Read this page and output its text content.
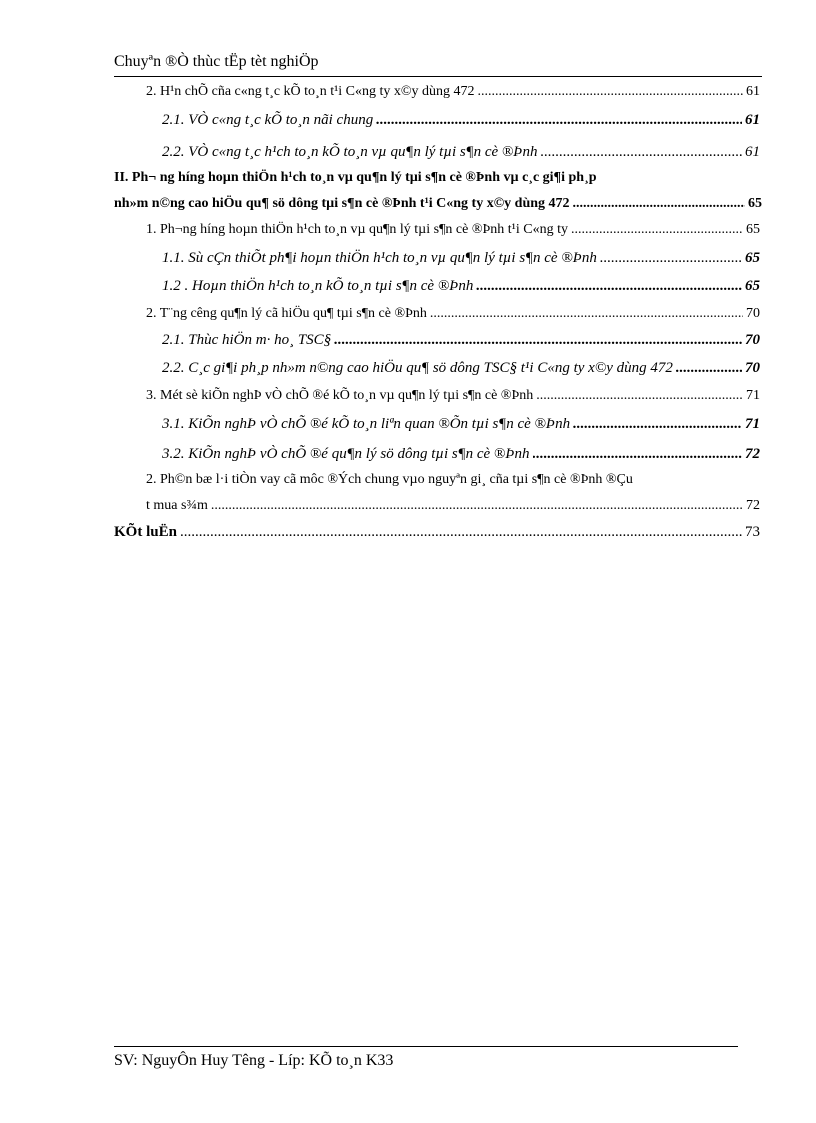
Chuyªn ®Ò thùc tËp tèt nghiÖp
2. H¹n chÕ cña c«ng t¸c kÕ to¸n t¹i C«ng ty x©y dùng 472 .....	61
2.1. VÒ c«ng t¸c kÕ to¸n nãi chung .....	61
2.2. VÒ c«ng t¸c h¹ch to¸n kÕ to¸n vµ qu¶n lý tµi s¶n cè ®Þnh .....	61
II. Ph¬ ng híng hoµn thiÖn h¹ch to¸n vµ qu¶n lý tµi s¶n cè ®Þnh vµ c¸c gi¶i ph¸p
nh»m n©ng cao hiÖu qu¶ sö dông tµi s¶n cè ®Þnh t¹i C«ng ty x©y dùng 472 .....	65
1. Ph¬ng híng hoµn thiÖn h¹ch to¸n vµ qu¶n lý tµi s¶n cè ®Þnh t¹i C«ng ty .....	65
1.1. Sù cÇn thiÕt ph¶i hoµn thiÖn h¹ch to¸n vµ qu¶n lý tµi s¶n cè ®Þnh .....	65
1.2 . Hoµn thiÖn h¹ch to¸n kÕ to¸n tµi s¶n cè ®Þnh .....	65
2. T¨ng cêng qu¶n lý cã hiÖu qu¶ tµi s¶n cè ®Þnh .....	70
2.1. Thùc hiÖn m· ho¸ TSC§ .....	70
2.2. C¸c gi¶i ph¸p nh»m n©ng cao hiÖu qu¶ sö dông TSC§ t¹i C«ng ty x©y dùng 472 .....	70
3. Mét sè kiÕn nghÞ vÒ chÕ ®é kÕ to¸n vµ qu¶n lý tµi s¶n cè ®Þnh .....	71
3.1. KiÕn nghÞ vÒ chÕ ®é kÕ to¸n liªn quan ®Õn tµi s¶n cè ®Þnh .....	71
3.2. KiÕn nghÞ vÒ chÕ ®é qu¶n lý sö dông tµi s¶n cè ®Þnh .....	72
2. Ph©n bæ l·i tiÒn vay cã môc ®Ých chung vµo nguyªn gi¸ cña tµi s¶n cè ®Þnh ®Çu
t mua s¾m .....	72
KÕt luËn .....	73
SV: NguyÔn Huy Têng - Líp: KÕ to¸n K33
